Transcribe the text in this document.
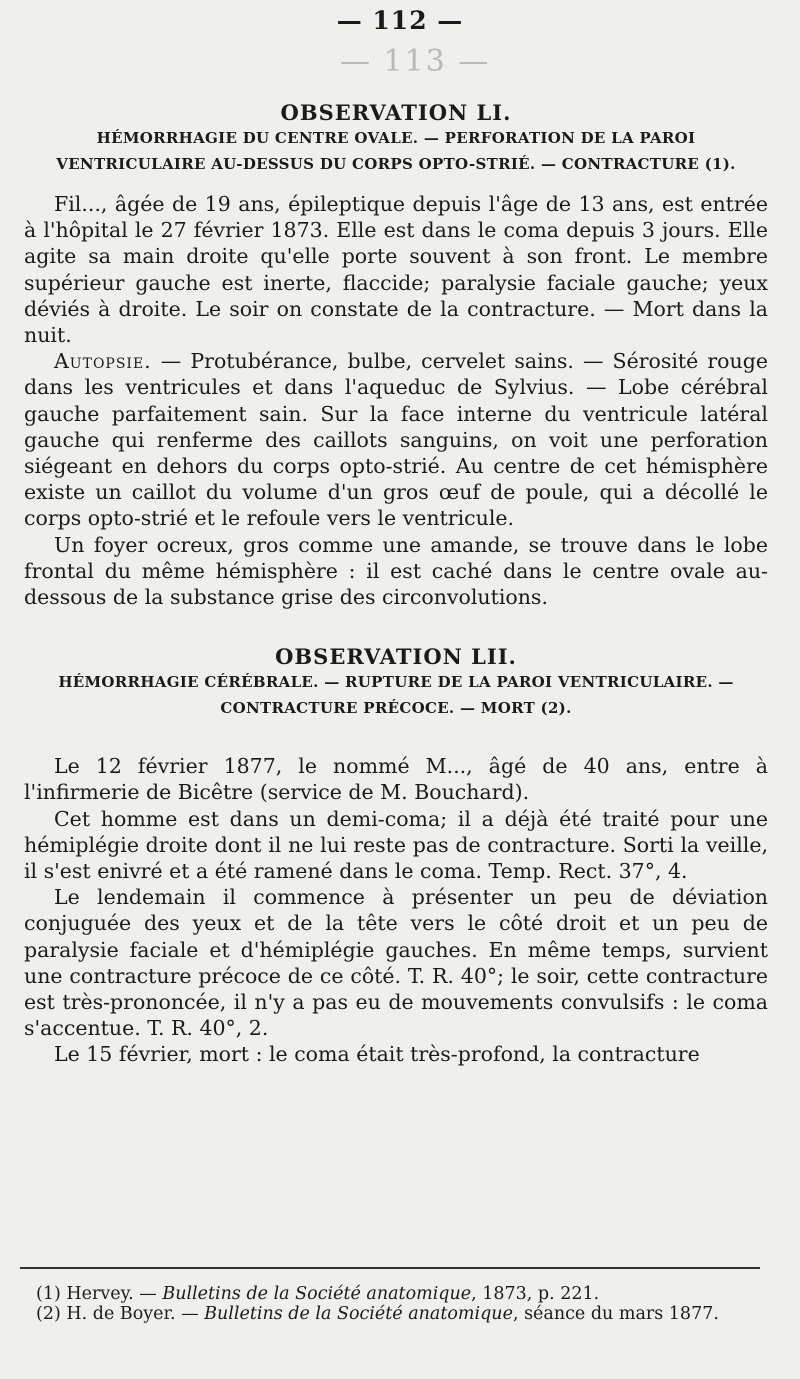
— 113 —
— 112 —
OBSERVATION LI.

HÉMORRHAGIE DU CENTRE OVALE. — PERFORATION DE LA PAROI VENTRICULAIRE AU-DESSUS DU CORPS OPTO-STRIÉ. — CONTRACTURE (1).

Fil..., âgée de 19 ans, épileptique depuis l'âge de 13 ans, est entrée à l'hôpital le 27 février 1873. Elle est dans le coma depuis 3 jours. Elle agite sa main droite qu'elle porte souvent à son front. Le membre supérieur gauche est inerte, flaccide; paralysie faciale gauche; yeux déviés à droite. Le soir on constate de la contracture. — Mort dans la nuit.

Autopsie. — Protubérance, bulbe, cervelet sains. — Sérosité rouge dans les ventricules et dans l'aqueduc de Sylvius. — Lobe cérébral gauche parfaitement sain. Sur la face interne du ventricule latéral gauche qui renferme des caillots sanguins, on voit une perforation siégeant en dehors du corps opto-strié. Au centre de cet hémisphère existe un caillot du volume d'un gros œuf de poule, qui a décollé le corps opto-strié et le refoule vers le ventricule.

Un foyer ocreux, gros comme une amande, se trouve dans le lobe frontal du même hémisphère : il est caché dans le centre ovale au-dessous de la substance grise des circonvolutions.

OBSERVATION LII.

HÉMORRHAGIE CÉRÉBRALE. — RUPTURE DE LA PAROI VENTRICULAIRE. — CONTRACTURE PRÉCOCE. — MORT (2).

Le 12 février 1877, le nommé M..., âgé de 40 ans, entre à l'infirmerie de Bicêtre (service de M. Bouchard).

Cet homme est dans un demi-coma; il a déjà été traité pour une hémiplégie droite dont il ne lui reste pas de contracture. Sorti la veille, il s'est enivré et a été ramené dans le coma. Temp. Rect. 37°, 4.

Le lendemain il commence à présenter un peu de déviation conjuguée des yeux et de la tête vers le côté droit et un peu de paralysie faciale et d'hémiplégie gauches. En même temps, survient une contracture précoce de ce côté. T. R. 40°; le soir, cette contracture est très-prononcée, il n'y a pas eu de mouvements convulsifs : le coma s'accentue. T. R. 40°, 2.

Le 15 février, mort : le coma était très-profond, la contracture

(1) Hervey. — Bulletins de la Société anatomique, 1873, p. 221.

(2) H. de Boyer. — Bulletins de la Société anatomique, séance du mars 1877.
